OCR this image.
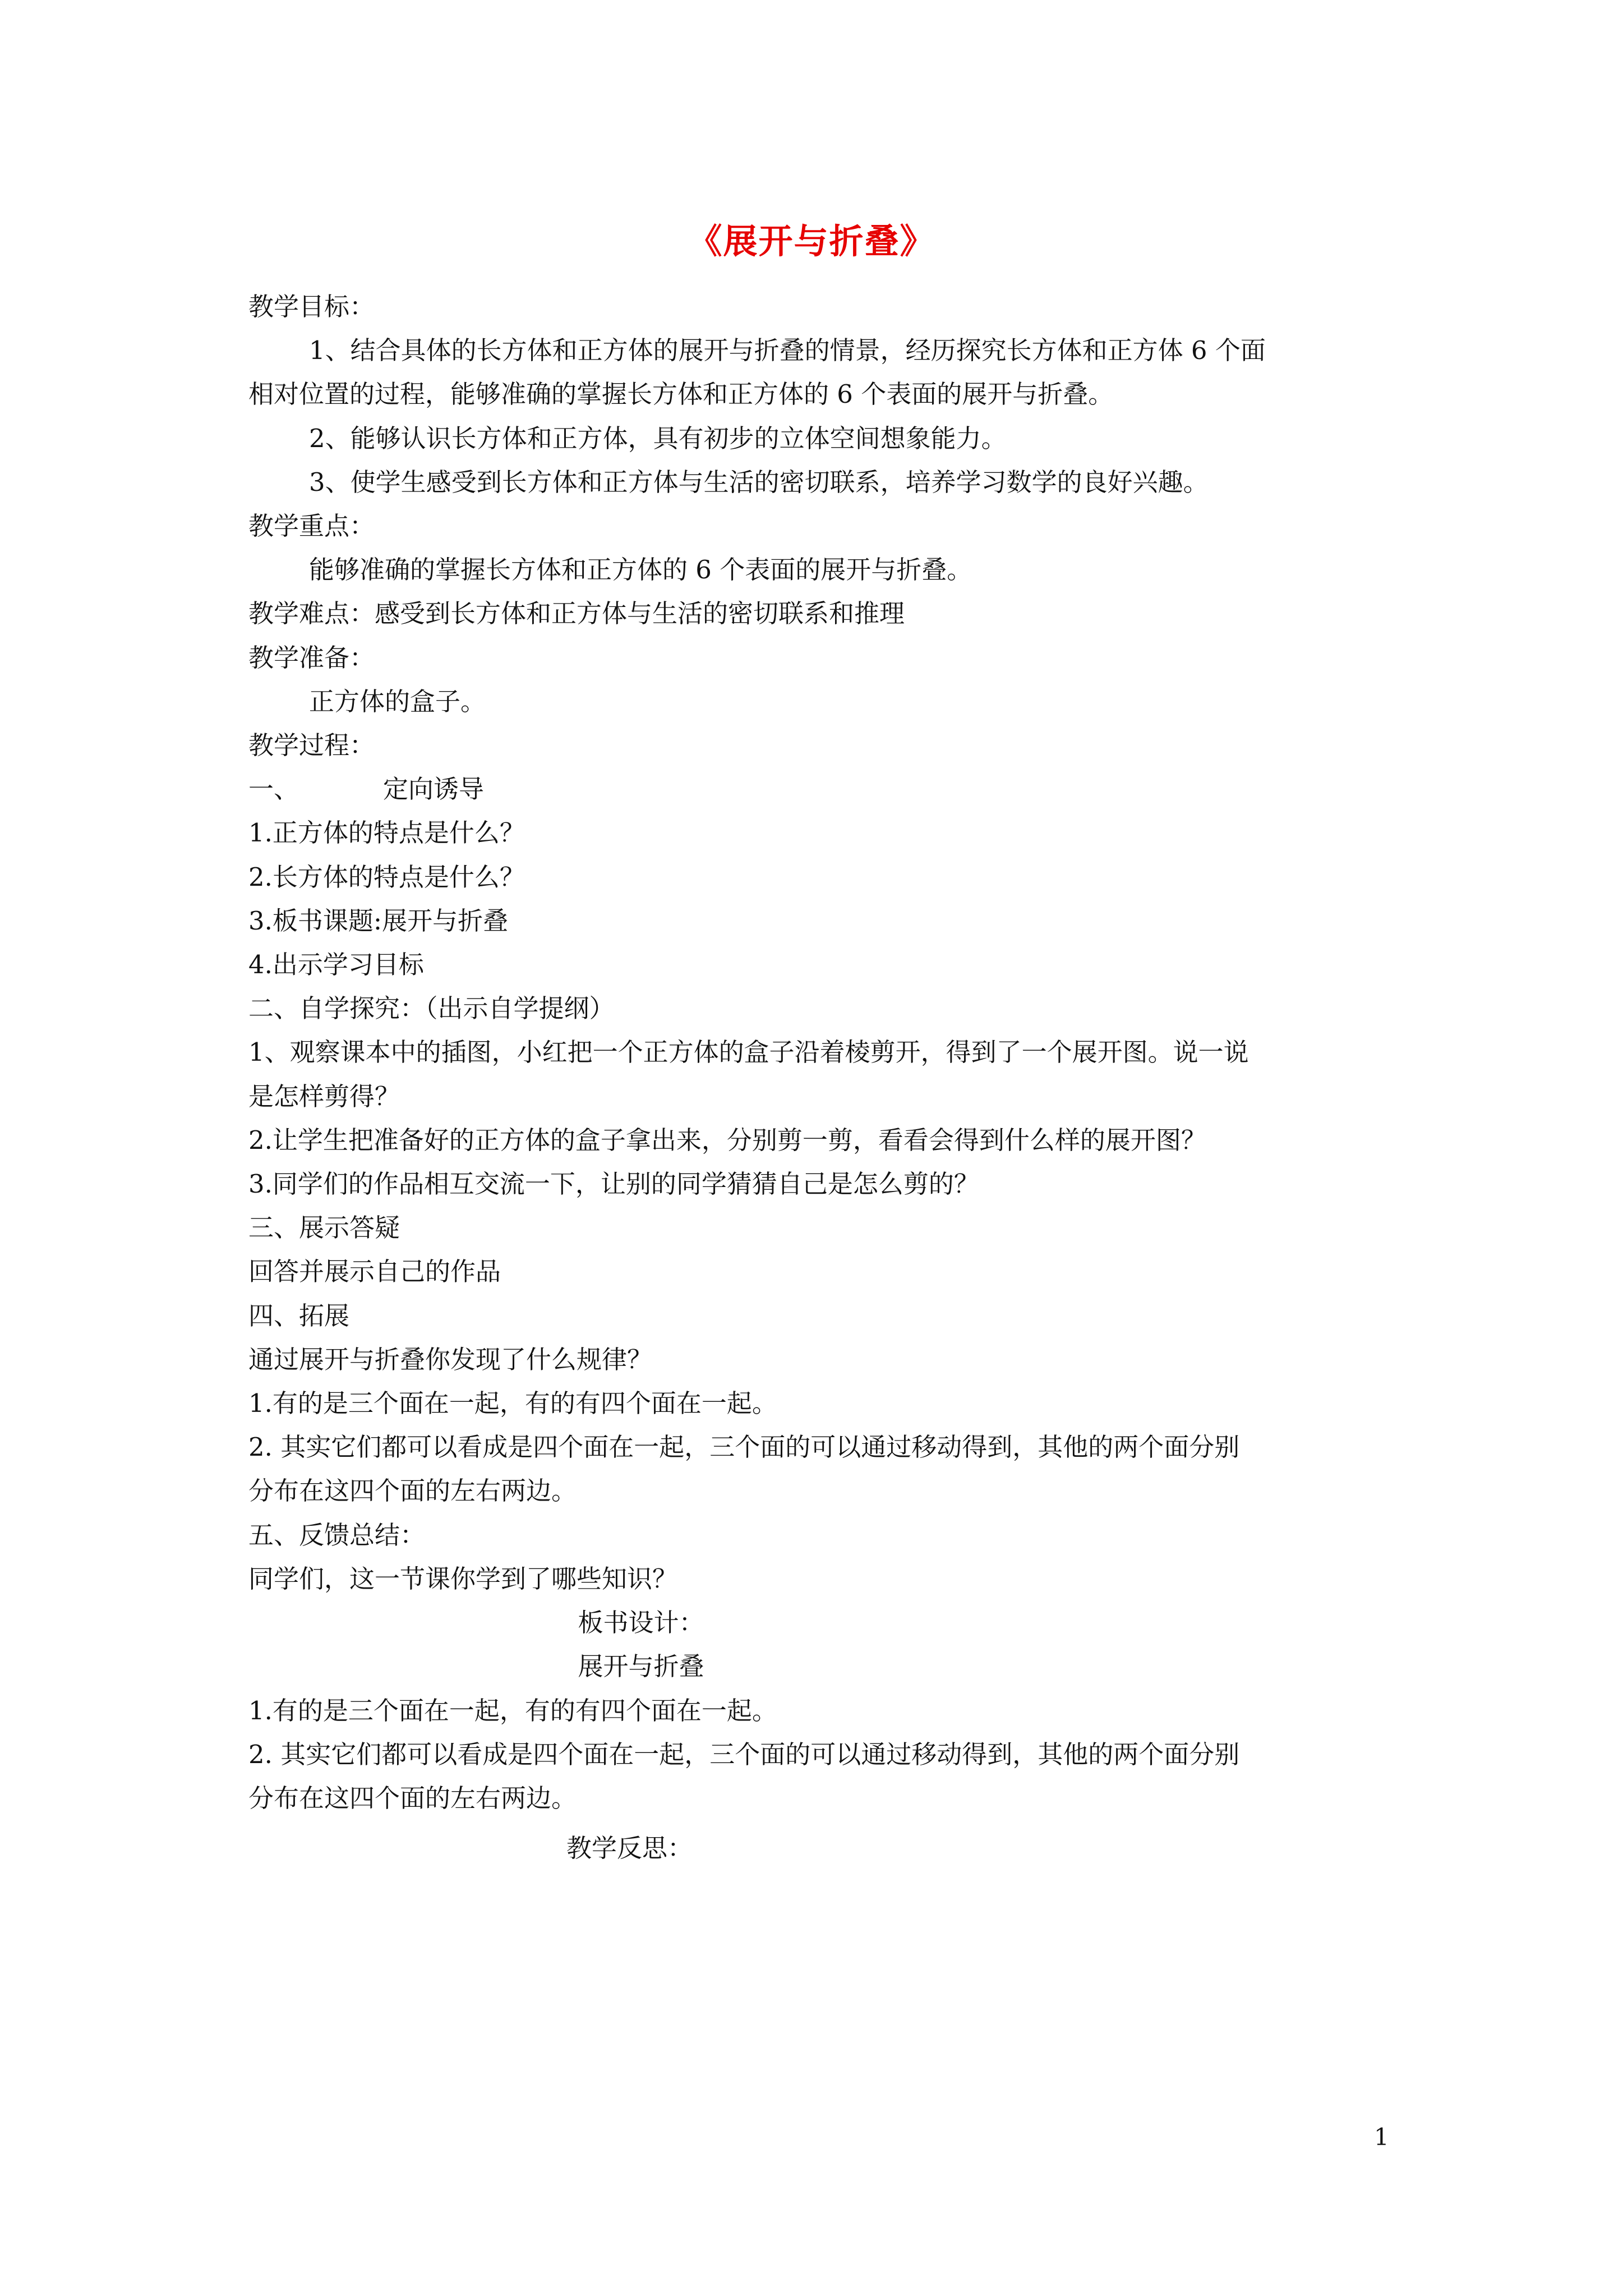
《展开与折叠》
教学目标：
1、结合具体的长方体和正方体的展开与折叠的情景，经历探究长方体和正方体 6 个面
相对位置的过程，能够准确的掌握长方体和正方体的 6 个表面的展开与折叠。
2、能够认识长方体和正方体，具有初步的立体空间想象能力。
3、使学生感受到长方体和正方体与生活的密切联系，培养学习数学的良好兴趣。
教学重点：
能够准确的掌握长方体和正方体的 6 个表面的展开与折叠。
教学难点：感受到长方体和正方体与生活的密切联系和推理
教学准备：
正方体的盒子。
教学过程：
一、	定向诱导
1.正方体的特点是什么？
2.长方体的特点是什么？
3.板书课题:展开与折叠
4.出示学习目标
二、自学探究：（出示自学提纲）
1、观察课本中的插图，小红把一个正方体的盒子沿着棱剪开，得到了一个展开图。说一说
是怎样剪得？
2.让学生把准备好的正方体的盒子拿出来，分别剪一剪，看看会得到什么样的展开图？
3.同学们的作品相互交流一下，让别的同学猜猜自己是怎么剪的？
三、展示答疑
回答并展示自己的作品
四、拓展
通过展开与折叠你发现了什么规律？
1.有的是三个面在一起，有的有四个面在一起。
2. 其实它们都可以看成是四个面在一起，三个面的可以通过移动得到，其他的两个面分别
分布在这四个面的左右两边。
五、反馈总结：
同学们，这一节课你学到了哪些知识？
板书设计：
展开与折叠
1.有的是三个面在一起，有的有四个面在一起。
2. 其实它们都可以看成是四个面在一起，三个面的可以通过移动得到，其他的两个面分别
分布在这四个面的左右两边。
教学反思：
1
